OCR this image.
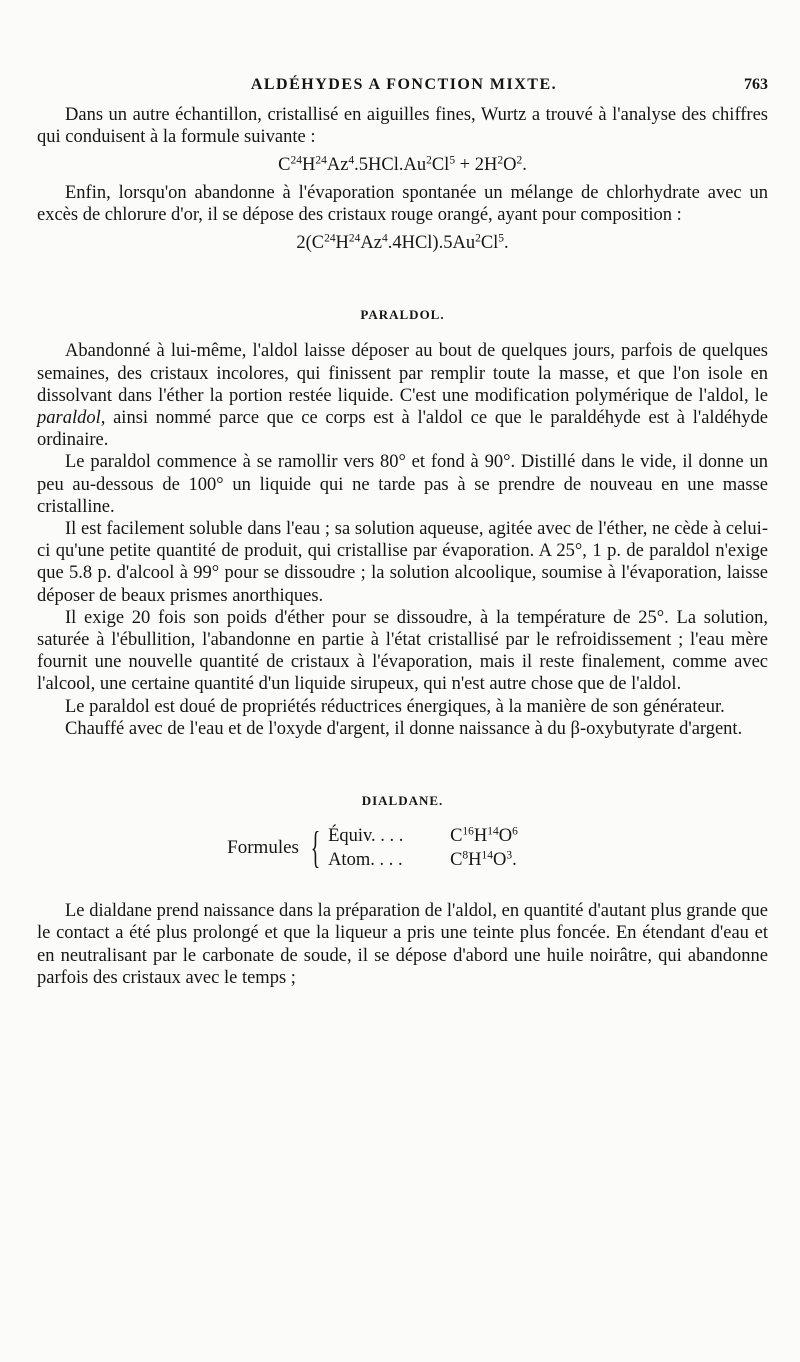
ALDÉHYDES A FONCTION MIXTE.	763

Dans un autre échantillon, cristallisé en aiguilles fines, Wurtz a trouvé à l'analyse des chiffres qui conduisent à la formule suivante :

$C^{24}H^{24}Az^4.5HCl.Au^2Cl^5 + 2H^2O^2$.

Enfin, lorsqu'on abandonne à l'évaporation spontanée un mélange de chlorhydrate avec un excès de chlorure d'or, il se dépose des cristaux rouge orangé, ayant pour composition :

$2(C^{24}H^{24}Az^4.4HCl).5Au^2Cl^5$.
PARALDOL.

Abandonné à lui-même, l'aldol laisse déposer au bout de quelques jours, parfois de quelques semaines, des cristaux incolores, qui finissent par remplir toute la masse, et que l'on isole en dissolvant dans l'éther la portion restée liquide. C'est une modification polymérique de l'aldol, le paraldol, ainsi nommé parce que ce corps est à l'aldol ce que le paraldéhyde est à l'aldéhyde ordinaire.

Le paraldol commence à se ramollir vers 80° et fond à 90°. Distillé dans le vide, il donne un peu au-dessous de 100° un liquide qui ne tarde pas à se prendre de nouveau en une masse cristalline.

Il est facilement soluble dans l'eau ; sa solution aqueuse, agitée avec de l'éther, ne cède à celui-ci qu'une petite quantité de produit, qui cristallise par évaporation. A 25°, 1 p. de paraldol n'exige que 5.8 p. d'alcool à 99° pour se dissoudre ; la solution alcoolique, soumise à l'évaporation, laisse déposer de beaux prismes anorthiques.

Il exige 20 fois son poids d'éther pour se dissoudre, à la température de 25°. La solution, saturée à l'ébullition, l'abandonne en partie à l'état cristallisé par le refroidissement ; l'eau mère fournit une nouvelle quantité de cristaux à l'évaporation, mais il reste finalement, comme avec l'alcool, une certaine quantité d'un liquide sirupeux, qui n'est autre chose que de l'aldol.

Le paraldol est doué de propriétés réductrices énergiques, à la manière de son générateur.

Chauffé avec de l'eau et de l'oxyde d'argent, il donne naissance à du β-oxybutyrate d'argent.

DIALDANE.
Formules { Équiv. . . .	$C^{16}H^{14}O^6$
Atom. . . .	$C^8H^{14}O^3$.

Le dialdane prend naissance dans la préparation de l'aldol, en quantité d'autant plus grande que le contact a été plus prolongé et que la liqueur a pris une teinte plus foncée. En étendant d'eau et en neutralisant par le carbonate de soude, il se dépose d'abord une huile noirâtre, qui abandonne parfois des cristaux avec le temps ;
